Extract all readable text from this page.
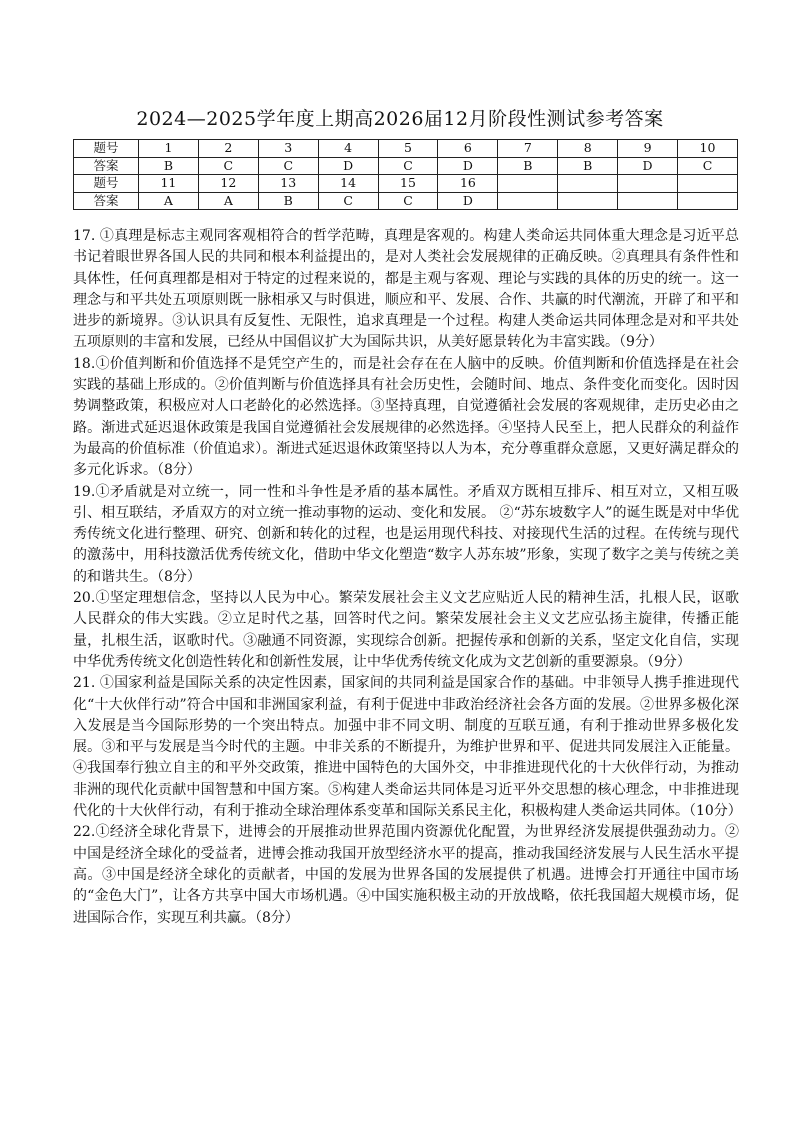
2024—2025学年度上期高2026届12月阶段性测试参考答案
题号	1	2	3	4	5	6	7	8	9	10
答案	B	C	C	D	C	D	B	B	D	C
题号	11	12	13	14	15	16				
答案	A	A	B	C	C	D				

17. ①真理是标志主观同客观相符合的哲学范畴，真理是客观的。构建人类命运共同体重大理念是习近平总书记着眼世界各国人民的共同和根本利益提出的，是对人类社会发展规律的正确反映。②真理具有条件性和具体性，任何真理都是相对于特定的过程来说的，都是主观与客观、理论与实践的具体的历史的统一。这一理念与和平共处五项原则既一脉相承又与时俱进，顺应和平、发展、合作、共赢的时代潮流，开辟了和平和进步的新境界。③认识具有反复性、无限性，追求真理是一个过程。构建人类命运共同体理念是对和平共处五项原则的丰富和发展，已经从中国倡议扩大为国际共识，从美好愿景转化为丰富实践。（9分）

18.①价值判断和价值选择不是凭空产生的，而是社会存在在人脑中的反映。价值判断和价值选择是在社会实践的基础上形成的。②价值判断与价值选择具有社会历史性，会随时间、地点、条件变化而变化。因时因势调整政策，积极应对人口老龄化的必然选择。③坚持真理，自觉遵循社会发展的客观规律，走历史必由之路。渐进式延迟退休政策是我国自觉遵循社会发展规律的必然选择。④坚持人民至上，把人民群众的利益作为最高的价值标准（价值追求）。渐进式延迟退休政策坚持以人为本，充分尊重群众意愿，又更好满足群众的多元化诉求。（8分）

19.①矛盾就是对立统一，同一性和斗争性是矛盾的基本属性。矛盾双方既相互排斥、相互对立，又相互吸引、相互联结，矛盾双方的对立统一推动事物的运动、变化和发展。 ②“苏东坡数字人”的诞生既是对中华优秀传统文化进行整理、研究、创新和转化的过程，也是运用现代科技、对接现代生活的过程。在传统与现代的激荡中，用科技激活优秀传统文化，借助中华文化塑造“数字人苏东坡”形象，实现了数字之美与传统之美的和谐共生。（8分）

20.①坚定理想信念，坚持以人民为中心。繁荣发展社会主义文艺应贴近人民的精神生活，扎根人民，讴歌人民群众的伟大实践。②立足时代之基，回答时代之问。繁荣发展社会主义文艺应弘扬主旋律，传播正能量，扎根生活，讴歌时代。③融通不同资源，实现综合创新。把握传承和创新的关系，坚定文化自信，实现中华优秀传统文化创造性转化和创新性发展，让中华优秀传统文化成为文艺创新的重要源泉。（9分）

21. ①国家利益是国际关系的决定性因素，国家间的共同利益是国家合作的基础。中非领导人携手推进现代化“十大伙伴行动”符合中国和非洲国家利益，有利于促进中非政治经济社会各方面的发展。②世界多极化深入发展是当今国际形势的一个突出特点。加强中非不同文明、制度的互联互通，有利于推动世界多极化发展。③和平与发展是当今时代的主题。中非关系的不断提升，为维护世界和平、促进共同发展注入正能量。④我国奉行独立自主的和平外交政策，推进中国特色的大国外交，中非推进现代化的十大伙伴行动，为推动非洲的现代化贡献中国智慧和中国方案。⑤构建人类命运共同体是习近平外交思想的核心理念，中非推进现代化的十大伙伴行动，有利于推动全球治理体系变革和国际关系民主化，积极构建人类命运共同体。（10分）

22.①经济全球化背景下，进博会的开展推动世界范围内资源优化配置，为世界经济发展提供强劲动力。②中国是经济全球化的受益者，进博会推动我国开放型经济水平的提高，推动我国经济发展与人民生活水平提高。③中国是经济全球化的贡献者，中国的发展为世界各国的发展提供了机遇。进博会打开通往中国市场的“金色大门”，让各方共享中国大市场机遇。④中国实施积极主动的开放战略，依托我国超大规模市场，促进国际合作，实现互利共赢。（8分）
